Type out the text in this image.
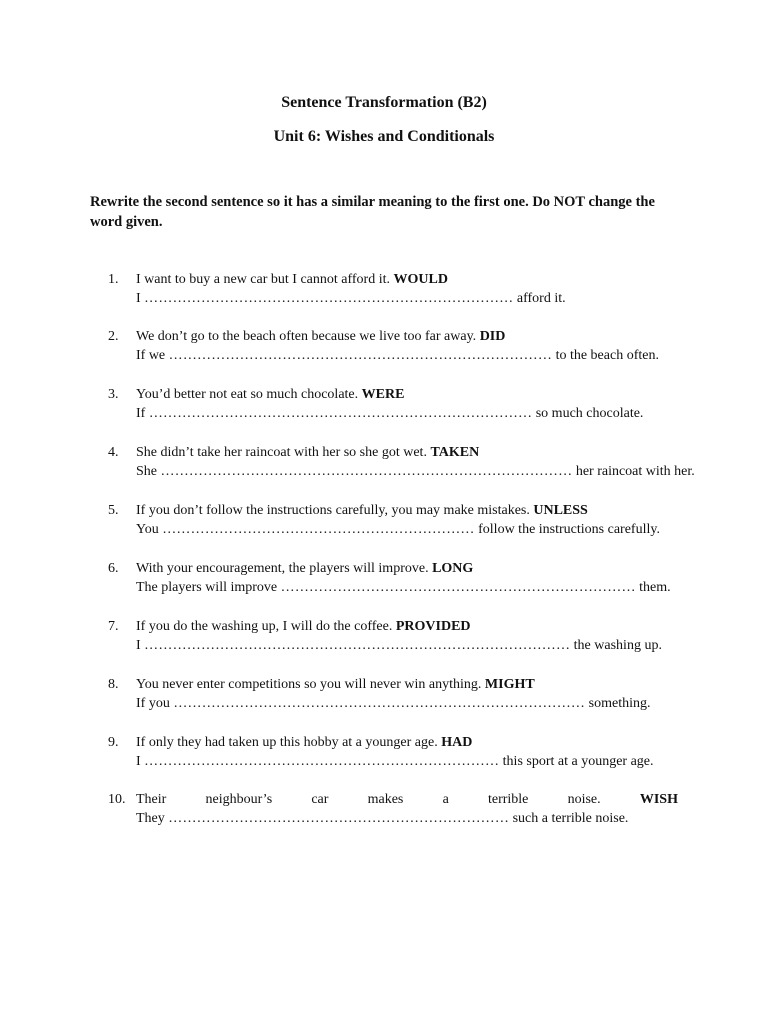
Sentence Transformation (B2)
Unit 6: Wishes and Conditionals
Rewrite the second sentence so it has a similar meaning to the first one. Do NOT change the word given.
1.	I want to buy a new car but I cannot afford it. WOULD
I …………………………………………………………………… afford it.
2.	We don’t go to the beach often because we live too far away. DID
If we ……………………………………………………………………… to the beach often.
3.	You’d better not eat so much chocolate. WERE
If ……………………………………………………………………… so much chocolate.
4.	She didn’t take her raincoat with her so she got wet. TAKEN
She …………………………………………………………………………… her raincoat with her.
5.	If you don’t follow the instructions carefully, you may make mistakes. UNLESS
You ………………………………………………………… follow the instructions carefully.
6.	With your encouragement, the players will improve. LONG
The players will improve ………………………………………………………………… them.
7.	If you do the washing up, I will do the coffee. PROVIDED
I ……………………………………………………………………………… the washing up.
8.	You never enter competitions so you will never win anything. MIGHT
If you …………………………………………………………………………… something.
9.	If only they had taken up this hobby at a younger age. HAD
I ………………………………………………………………… this sport at a younger age.
10. Their	neighbour’s	car	makes	a	terrible	noise.	WISH
They ……………………………………………………………… such a terrible noise.
